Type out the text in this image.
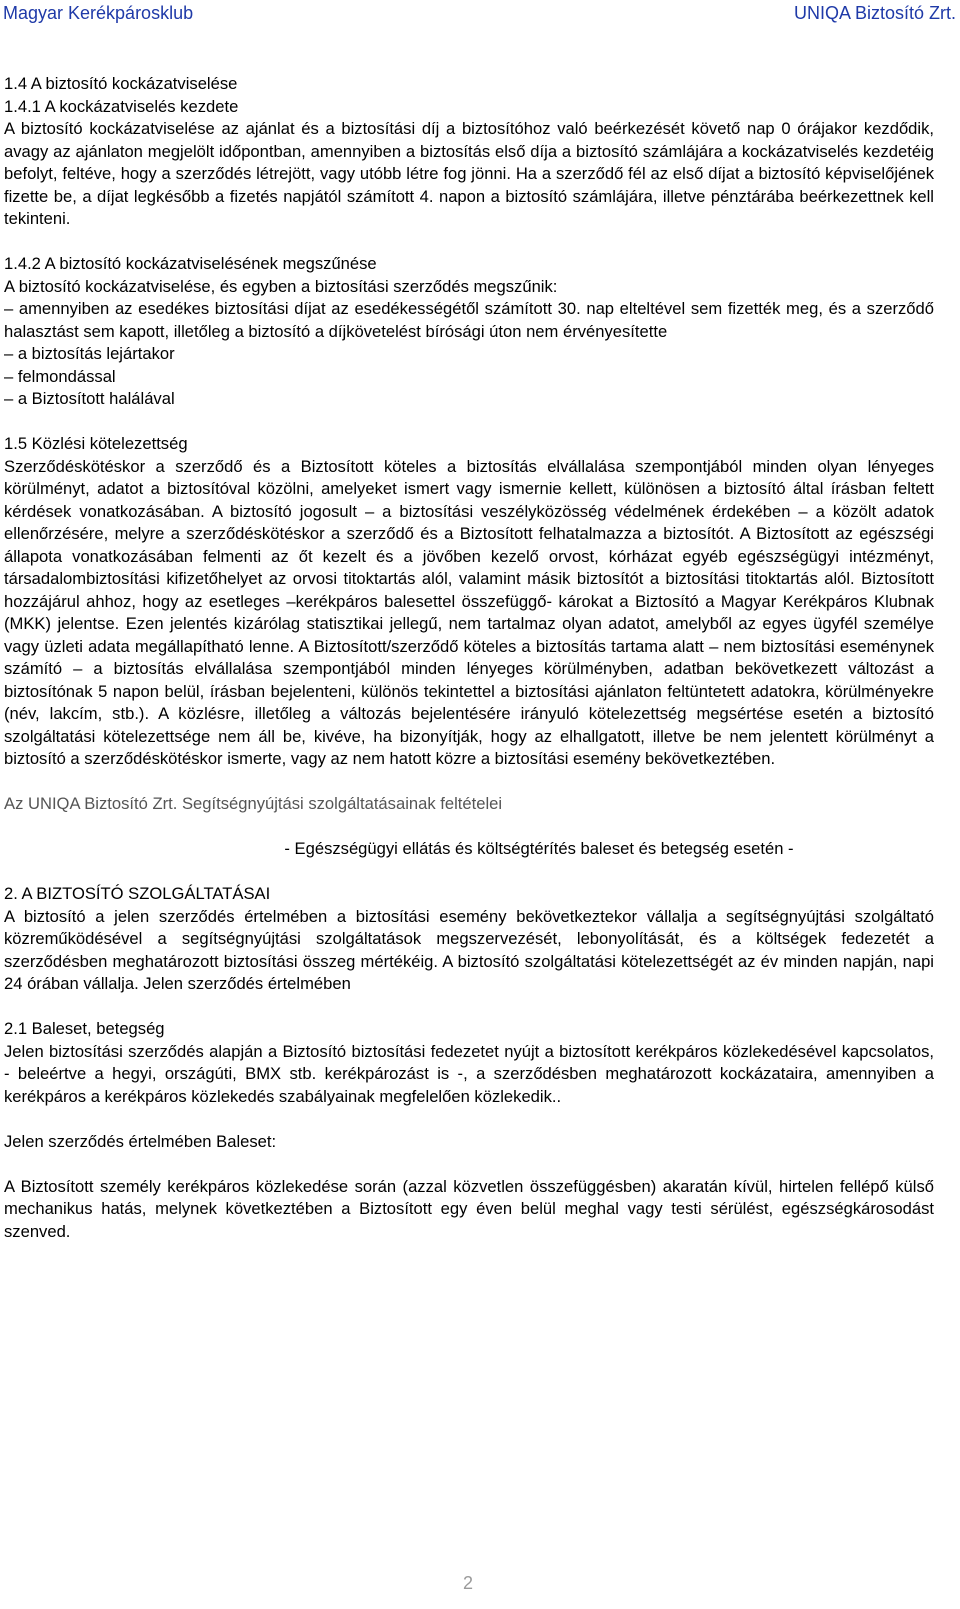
Magyar Kerékpárosklub	UNIQA Biztosító Zrt.

1.4 A biztosító kockázatviselése

1.4.1 A kockázatviselés kezdete

A biztosító kockázatviselése az ajánlat és a biztosítási díj a biztosítóhoz való beérkezését követő nap 0 órájakor kezdődik, avagy az ajánlaton megjelölt időpontban, amennyiben a biztosítás első díja a biztosító számlájára a kockázatviselés kezdetéig befolyt, feltéve, hogy a szerződés létrejött, vagy utóbb létre fog jönni. Ha a szerződő fél az első díjat a biztosító képviselőjének fizette be, a díjat legkésőbb a fizetés napjától számított 4. napon a biztosító számlájára, illetve pénztárába beérkezettnek kell tekinteni.

1.4.2 A biztosító kockázatviselésének megszűnése

A biztosító kockázatviselése, és egyben a biztosítási szerződés megszűnik:

– amennyiben az esedékes biztosítási díjat az esedékességétől számított 30. nap elteltével sem fizették meg, és a szerződő halasztást sem kapott, illetőleg a biztosító a díjkövetelést bírósági úton nem érvényesítette

– a biztosítás lejártakor

– felmondással

– a Biztosított halálával

1.5 Közlési kötelezettség

Szerződéskötéskor a szerződő és a Biztosított köteles a biztosítás elvállalása szempontjából minden olyan lényeges körülményt, adatot a biztosítóval közölni, amelyeket ismert vagy ismernie kellett, különösen a biztosító által írásban feltett kérdések vonatkozásában. A biztosító jogosult – a biztosítási veszélyközösség védelmének érdekében – a közölt adatok ellenőrzésére, melyre a szerződéskötéskor a szerződő és a Biztosított felhatalmazza a biztosítót. A Biztosított az egészségi állapota vonatkozásában felmenti az őt kezelt és a jövőben kezelő orvost, kórházat egyéb egészségügyi intézményt, társadalombiztosítási kifizetőhelyet az orvosi titoktartás alól, valamint másik biztosítót a biztosítási titoktartás alól. Biztosított hozzájárul ahhoz, hogy az esetleges –kerékpáros balesettel összefüggő- károkat a Biztosító a Magyar Kerékpáros Klubnak (MKK) jelentse. Ezen jelentés kizárólag statisztikai jellegű, nem tartalmaz olyan adatot, amelyből az egyes ügyfél személye vagy üzleti adata megállapítható lenne. A Biztosított/szerződő köteles a biztosítás tartama alatt – nem biztosítási eseménynek számító – a biztosítás elvállalása szempontjából minden lényeges körülményben, adatban bekövetkezett változást a biztosítónak 5 napon belül, írásban bejelenteni, különös tekintettel a biztosítási ajánlaton feltüntetett adatokra, körülményekre (név, lakcím, stb.). A közlésre, illetőleg a változás bejelentésére irányuló kötelezettség megsértése esetén a biztosító szolgáltatási kötelezettsége nem áll be, kivéve, ha bizonyítják, hogy az elhallgatott, illetve be nem jelentett körülményt a biztosító a szerződéskötéskor ismerte, vagy az nem hatott közre a biztosítási esemény bekövetkeztében.

Az UNIQA Biztosító Zrt. Segítségnyújtási szolgáltatásainak feltételei

- Egészségügyi ellátás és költségtérítés baleset és betegség esetén -

2. A BIZTOSÍTÓ SZOLGÁLTATÁSAI

A biztosító a jelen szerződés értelmében a biztosítási esemény bekövetkeztekor vállalja a segítségnyújtási szolgáltató közreműködésével a segítségnyújtási szolgáltatások megszervezését, lebonyolítását, és a költségek fedezetét a szerződésben meghatározott biztosítási összeg mértékéig. A biztosító szolgáltatási kötelezettségét az év minden napján, napi 24 órában vállalja. Jelen szerződés értelmében

2.1 Baleset, betegség

Jelen biztosítási szerződés alapján a Biztosító biztosítási fedezetet nyújt a biztosított kerékpáros közlekedésével kapcsolatos, - beleértve a hegyi, országúti, BMX stb. kerékpározást is -, a szerződésben meghatározott kockázataira, amennyiben a kerékpáros a kerékpáros közlekedés szabályainak megfelelően közlekedik..

Jelen szerződés értelmében Baleset:

A Biztosított személy kerékpáros közlekedése során (azzal közvetlen összefüggésben) akaratán kívül, hirtelen fellépő külső mechanikus hatás, melynek következtében a Biztosított egy éven belül meghal vagy testi sérülést, egészségkárosodást szenved.

2
